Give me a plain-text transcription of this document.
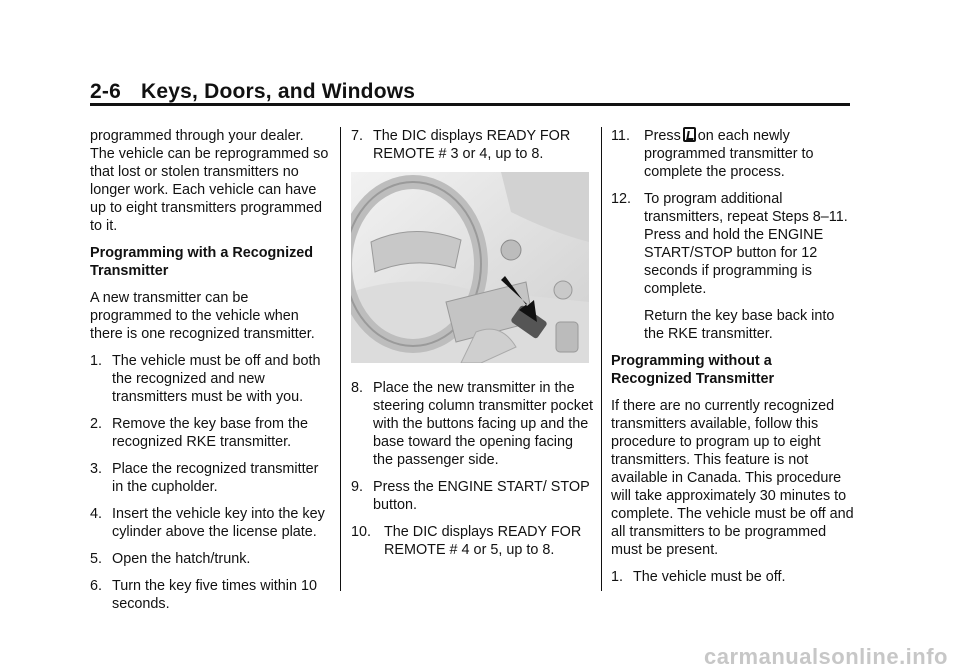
2-6 Keys, Doors, and Windows

programmed through your dealer. The vehicle can be reprogrammed so that lost or stolen transmitters no longer work. Each vehicle can have up to eight transmitters programmed to it.

Programming with a Recognized Transmitter

A new transmitter can be programmed to the vehicle when there is one recognized transmitter.

1. The vehicle must be off and both the recognized and new transmitters must be with you.
2. Remove the key base from the recognized RKE transmitter.
3. Place the recognized transmitter in the cupholder.
4. Insert the vehicle key into the key cylinder above the license plate.
5. Open the hatch/trunk.
6. Turn the key five times within 10 seconds.
7. The DIC displays READY FOR REMOTE # 3 or 4, up to 8.
8. Place the new transmitter in the steering column transmitter pocket with the buttons facing up and the base toward the opening facing the passenger side.
9. Press the ENGINE START/ STOP button.
10. The DIC displays READY FOR REMOTE # 4 or 5, up to 8.
11. Press on each newly programmed transmitter to complete the process.
12. To program additional transmitters, repeat Steps 8–11. Press and hold the ENGINE START/STOP button for 12 seconds if programming is complete.

Return the key base back into the RKE transmitter.

Programming without a Recognized Transmitter

If there are no currently recognized transmitters available, follow this procedure to program up to eight transmitters. This feature is not available in Canada. This procedure will take approximately 30 minutes to complete. The vehicle must be off and all transmitters to be programmed must be present.

1. The vehicle must be off.
carmanualsonline.info
